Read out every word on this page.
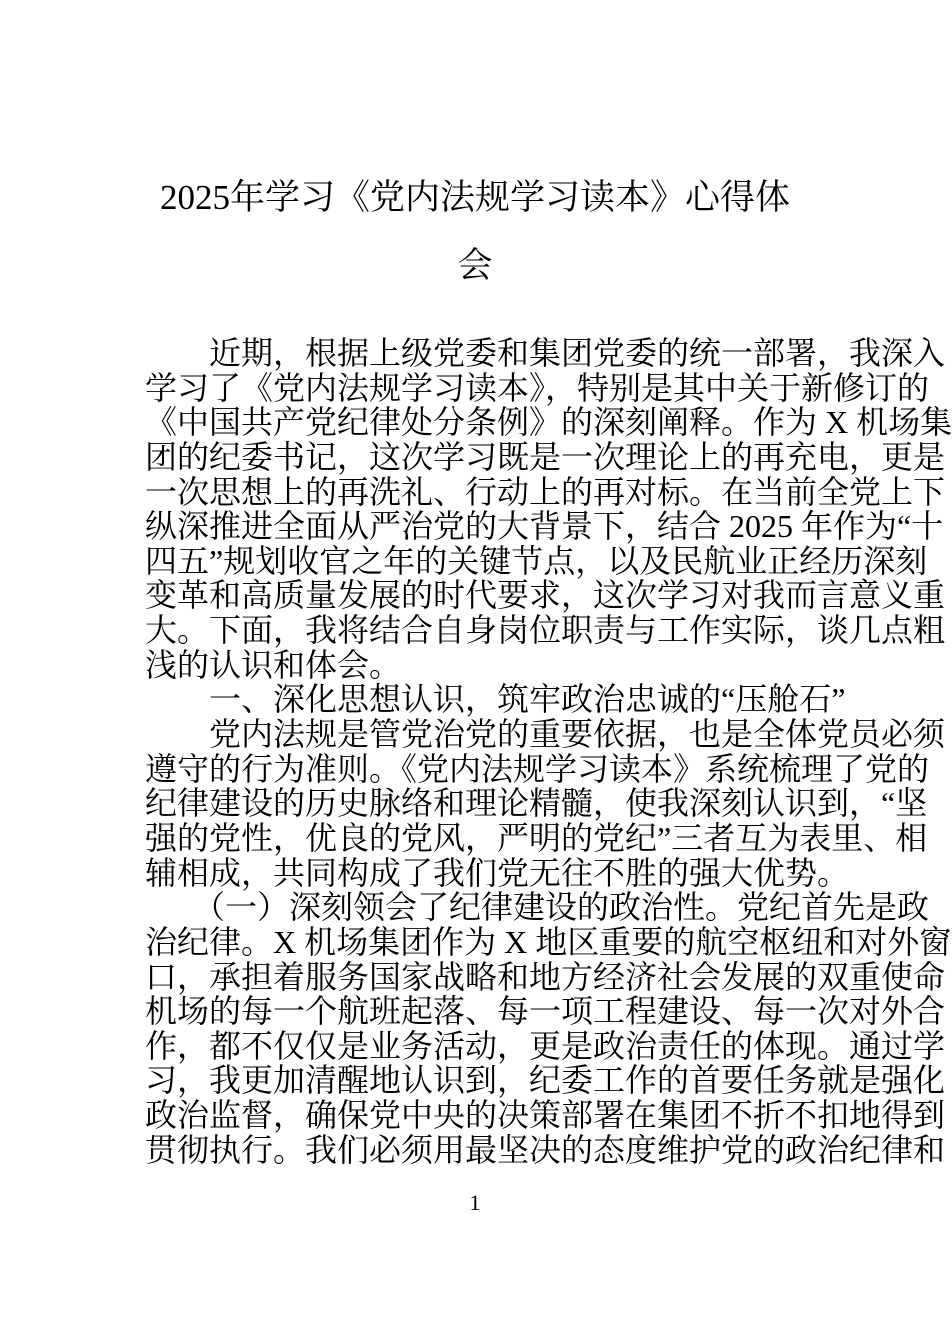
2025年学习《党内法规学习读本》心得体
会
　　近期，根据上级党委和集团党委的统一部署，我深入
学习了《党内法规学习读本》，特别是其中关于新修订的
《中国共产党纪律处分条例》的深刻阐释。作为 X 机场集
团的纪委书记，这次学习既是一次理论上的再充电，更是
一次思想上的再洗礼、行动上的再对标。在当前全党上下
纵深推进全面从严治党的大背景下，结合 2025 年作为“十
四五”规划收官之年的关键节点，以及民航业正经历深刻
变革和高质量发展的时代要求，这次学习对我而言意义重
大。下面，我将结合自身岗位职责与工作实际，谈几点粗
浅的认识和体会。
　　一、深化思想认识，筑牢政治忠诚的“压舱石”
　　党内法规是管党治党的重要依据，也是全体党员必须
遵守的行为准则。《党内法规学习读本》系统梳理了党的
纪律建设的历史脉络和理论精髓，使我深刻认识到，“坚
强的党性，优良的党风，严明的党纪”三者互为表里、相
辅相成，共同构成了我们党无往不胜的强大优势。
　　（一）深刻领会了纪律建设的政治性。党纪首先是政
治纪律。X 机场集团作为 X 地区重要的航空枢纽和对外窗
口，承担着服务国家战略和地方经济社会发展的双重使命
机场的每一个航班起落、每一项工程建设、每一次对外合
作，都不仅仅是业务活动，更是政治责任的体现。通过学
习，我更加清醒地认识到，纪委工作的首要任务就是强化
政治监督，确保党中央的决策部署在集团不折不扣地得到
贯彻执行。我们必须用最坚决的态度维护党的政治纪律和
1
